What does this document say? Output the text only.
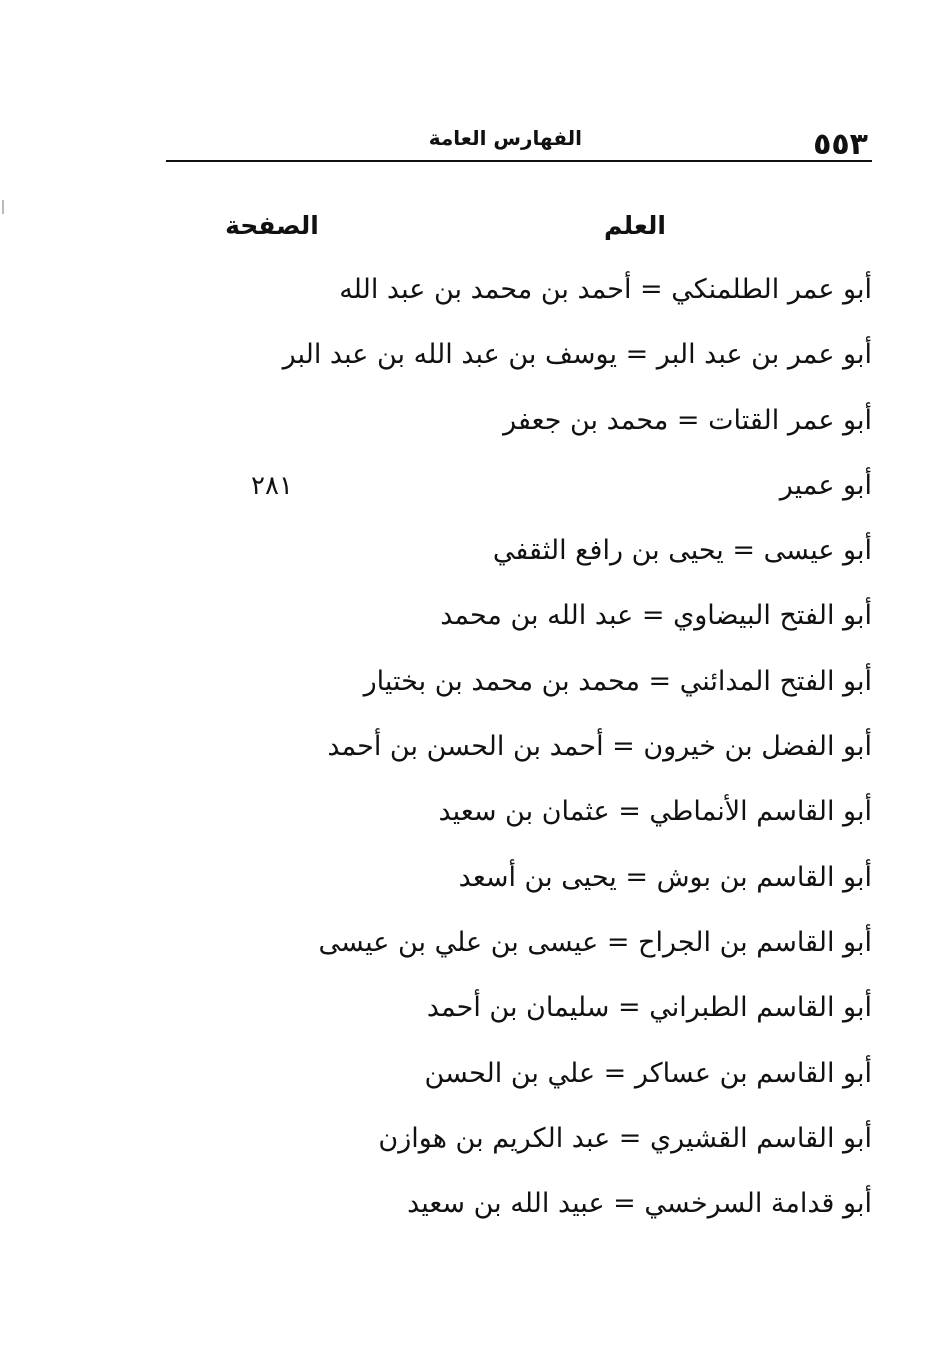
٥٥٣
الفهارس العامة
العلم
الصفحة
أبو عمر الطلمنكي = أحمد بن محمد بن عبد الله
أبو عمر بن عبد البر = يوسف بن عبد الله بن عبد البر
أبو عمر القتات = محمد بن جعفر
أبو عمير
٢٨١
أبو عيسى = يحيى بن رافع الثقفي
أبو الفتح البيضاوي = عبد الله بن محمد
أبو الفتح المدائني = محمد بن محمد بن بختيار
أبو الفضل بن خيرون = أحمد بن الحسن بن أحمد
أبو القاسم الأنماطي = عثمان بن سعيد
أبو القاسم بن بوش = يحيى بن أسعد
أبو القاسم بن الجراح = عيسى بن علي بن عيسى
أبو القاسم الطبراني = سليمان بن أحمد
أبو القاسم بن عساكر = علي بن الحسن
أبو القاسم القشيري = عبد الكريم بن هوازن
أبو قدامة السرخسي = عبيد الله بن سعيد
